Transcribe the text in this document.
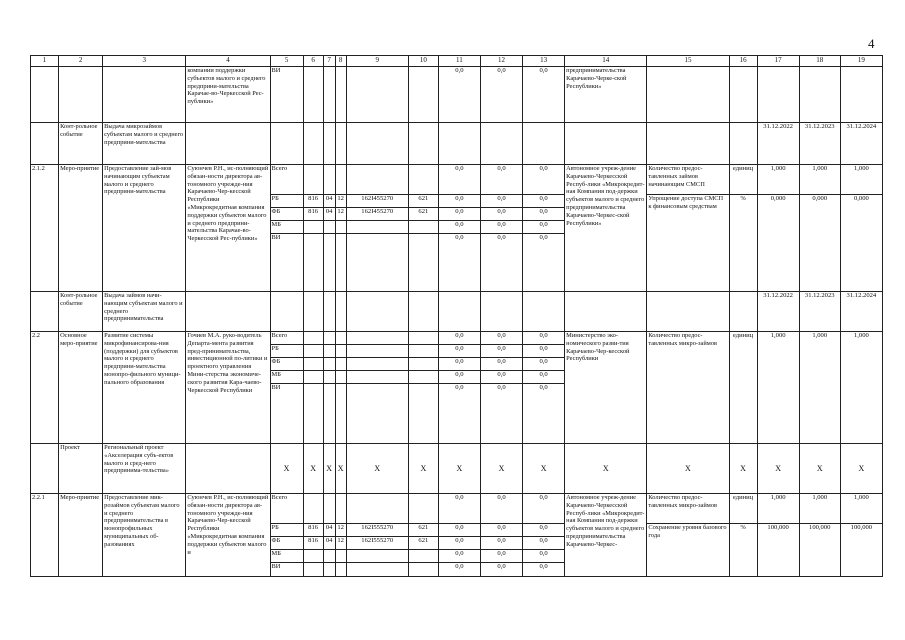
4
1	2	3	4	5	6	7	8	9	10	11	12	13	14	15	16	17	18	19
			компании поддержки субъектов малого и среднего предприни-мательства Карачае-во-Черкесской Рес-публики»	ВИ						0,0	0,0	0,0	предпринимательства Карачаево-Черке-ской Республики»					
	Конт-рольное событие	Выдача микрозаймов субъектам малого и среднего предприни-мательства														31.12.2022	31.12.2023	31.12.2024
2.1.2	Меро-приятие	Предоставление зай-мов начинающим субъектам малого и среднего предприни-мательства	Суюнчев Р.Н., ис-полняющий обязан-ности директора ав-тономного учрежде-ния Карачаево-Чер-кесской Республики «Микрокредитная компания поддержки субъектов малого и среднего предприни-мательства Карачае-во-Черкесской Рес-публики»	Всего						0,0	0,0	0,0	Автономное учреж-дение Карачаево-Черкесской Респуб-лики «Микрокредит-ная Компания под-держки субъектов малого и среднего предпринимательства Карачаево-Черкес-ской Республики»	Количество предос-тавленных займов начинающим СМСП	единиц	1,000	1,000	1,000
				РБ	816	04	12	162I455270	621	0,0	0,0	0,0		Упрощение доступа СМСП к финансовым средствам	%	0,000	0,000	0,000
				ФБ	816	04	12	162I455270	621	0,0	0,0	0,0						
				МБ						0,0	0,0	0,0						
				ВИ						0,0	0,0	0,0						
	Конт-рольное событие	Выдача займов начи-нающим субъектам малого и среднего предпринимательства														31.12.2022	31.12.2023	31.12.2024
2.2	Основное меро-приятие	Развитие системы микрофинансирова-ния (поддержки) для субъектов малого и среднего предприни-мательства монопро-фильного муници-пального образования	Гочиев М.А. руко-водитель Департа-мента развития пред-принимательства, инвестиционной по-литики и проектного управления Мини-стерства экономиче-ского развития Кара-чаево-Черкесской Республики	Всего						0,0	0,0	0,0	Министерство эко-номического разви-тия Карачаево-Чер-кесской Республики	Количество предос-тавленных микро-займов	единиц	1,000	1,000	1,000
				РБ						0,0	0,0	0,0						
				ФБ						0,0	0,0	0,0						
				МБ						0,0	0,0	0,0						
				ВИ						0,0	0,0	0,0						
	Проект	Региональный проект «Акселерация субъ-ектов малого и сред-него предпринима-тельства»		Х	Х	Х	Х	Х	Х	Х	Х	Х	Х	Х	Х	Х	Х	Х
2.2.1	Меро-приятие	Предоставление мик-розаймов субъектам малого и среднего предпринимательства в монопрофильных муниципальных об-разованиях	Суюнчев Р.Н., ис-полняющий обязан-ности директора ав-тономного учрежде-ния Карачаево-Чер-кесской Республики «Микрокредитная компания поддержки субъектов малого и	Всего						0,0	0,0	0,0	Автономное учреж-дение Карачаево-Черкесской Респуб-лики «Микрокредит-ная Компания под-держки субъектов малого и среднего предпринимательства Карачаево-Черкес-	Количество предос-тавленных микро-займов	единиц	1,000	1,000	1,000
				РБ	816	04	12	162I555270	621	0,0	0,0	0,0		Сохранение уровня базового года	%	100,000	100,000	100,000
				ФБ	816	04	12	162I555270	621	0,0	0,0	0,0						
				МБ						0,0	0,0	0,0						
				ВИ						0,0	0,0	0,0						
